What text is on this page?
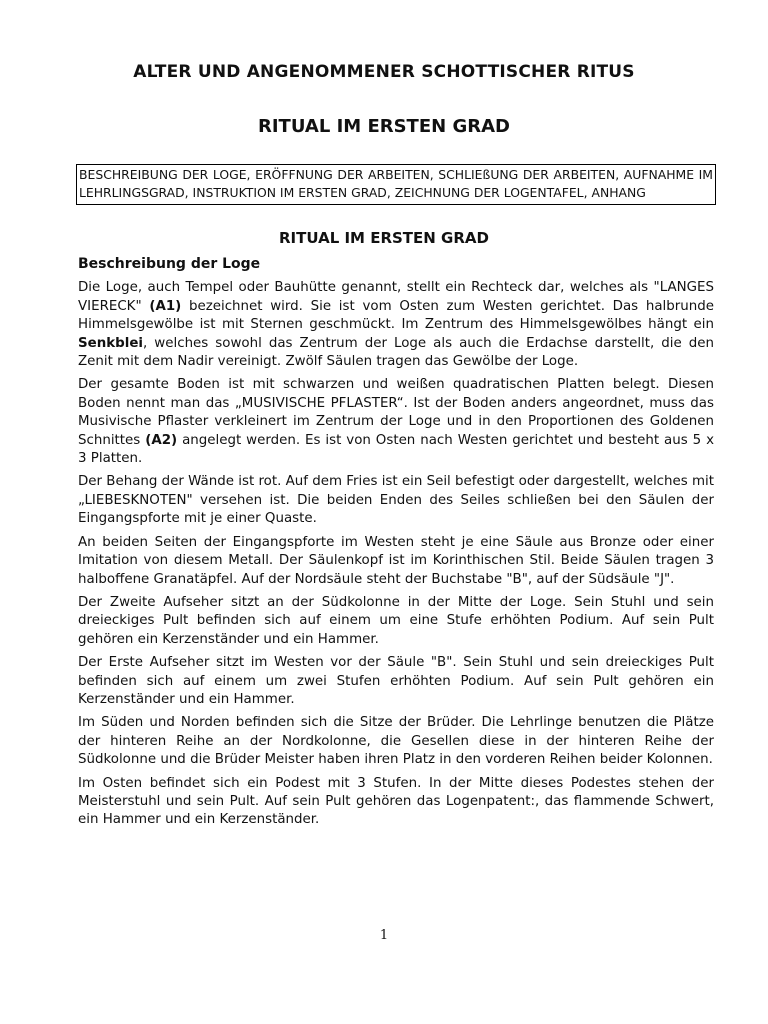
ALTER UND ANGENOMMENER SCHOTTISCHER RITUS
RITUAL IM ERSTEN GRAD
BESCHREIBUNG DER LOGE, ERÖFFNUNG DER ARBEITEN, SCHLIEßUNG DER ARBEITEN, AUFNAHME IM LEHRLINGSGRAD, INSTRUKTION IM ERSTEN GRAD, ZEICHNUNG DER LOGENTAFEL, ANHANG
RITUAL IM ERSTEN GRAD

Beschreibung der Loge

Die Loge, auch Tempel oder Bauhütte genannt, stellt ein Rechteck dar, welches als "LANGES VIERECK" (A1) bezeichnet wird. Sie ist vom Osten zum Westen gerichtet. Das halbrunde Himmelsgewölbe ist mit Sternen geschmückt. Im Zentrum des Himmelsgewölbes hängt ein Senkblei, welches sowohl das Zentrum der Loge als auch die Erdachse darstellt, die den Zenit mit dem Nadir vereinigt. Zwölf Säulen tragen das Gewölbe der Loge.

Der gesamte Boden ist mit schwarzen und weißen quadratischen Platten belegt. Diesen Boden nennt man das „MUSIVISCHE PFLASTER“. Ist der Boden anders angeordnet, muss das Musivische Pflaster verkleinert im Zentrum der Loge und in den Proportionen des Goldenen Schnittes (A2) angelegt werden. Es ist von Osten nach Westen gerichtet und besteht aus 5 x 3 Platten.

Der Behang der Wände ist rot. Auf dem Fries ist ein Seil befestigt oder dargestellt, welches mit „LIEBESKNOTEN" versehen ist. Die beiden Enden des Seiles schließen bei den Säulen der Eingangspforte mit je einer Quaste.

An beiden Seiten der Eingangspforte im Westen steht je eine Säule aus Bronze oder einer Imitation von diesem Metall. Der Säulenkopf ist im Korinthischen Stil. Beide Säulen tragen 3 halboffene Granatäpfel. Auf der Nordsäule steht der Buchstabe "B", auf der Südsäule "J".

Der Zweite Aufseher sitzt an der Südkolonne in der Mitte der Loge. Sein Stuhl und sein dreieckiges Pult befinden sich auf einem um eine Stufe erhöhten Podium. Auf sein Pult gehören ein Kerzenständer und ein Hammer.

Der Erste Aufseher sitzt im Westen vor der Säule "B". Sein Stuhl und sein dreieckiges Pult befinden sich auf einem um zwei Stufen erhöhten Podium. Auf sein Pult gehören ein Kerzenständer und ein Hammer.

Im Süden und Norden befinden sich die Sitze der Brüder. Die Lehrlinge benutzen die Plätze der hinteren Reihe an der Nordkolonne, die Gesellen diese in der hinteren Reihe der Südkolonne und die Brüder Meister haben ihren Platz in den vorderen Reihen beider Kolonnen.

Im Osten befindet sich ein Podest mit 3 Stufen. In der Mitte dieses Podestes stehen der Meisterstuhl und sein Pult. Auf sein Pult gehören das Logenpatent:, das flammende Schwert, ein Hammer und ein Kerzenständer.

1
